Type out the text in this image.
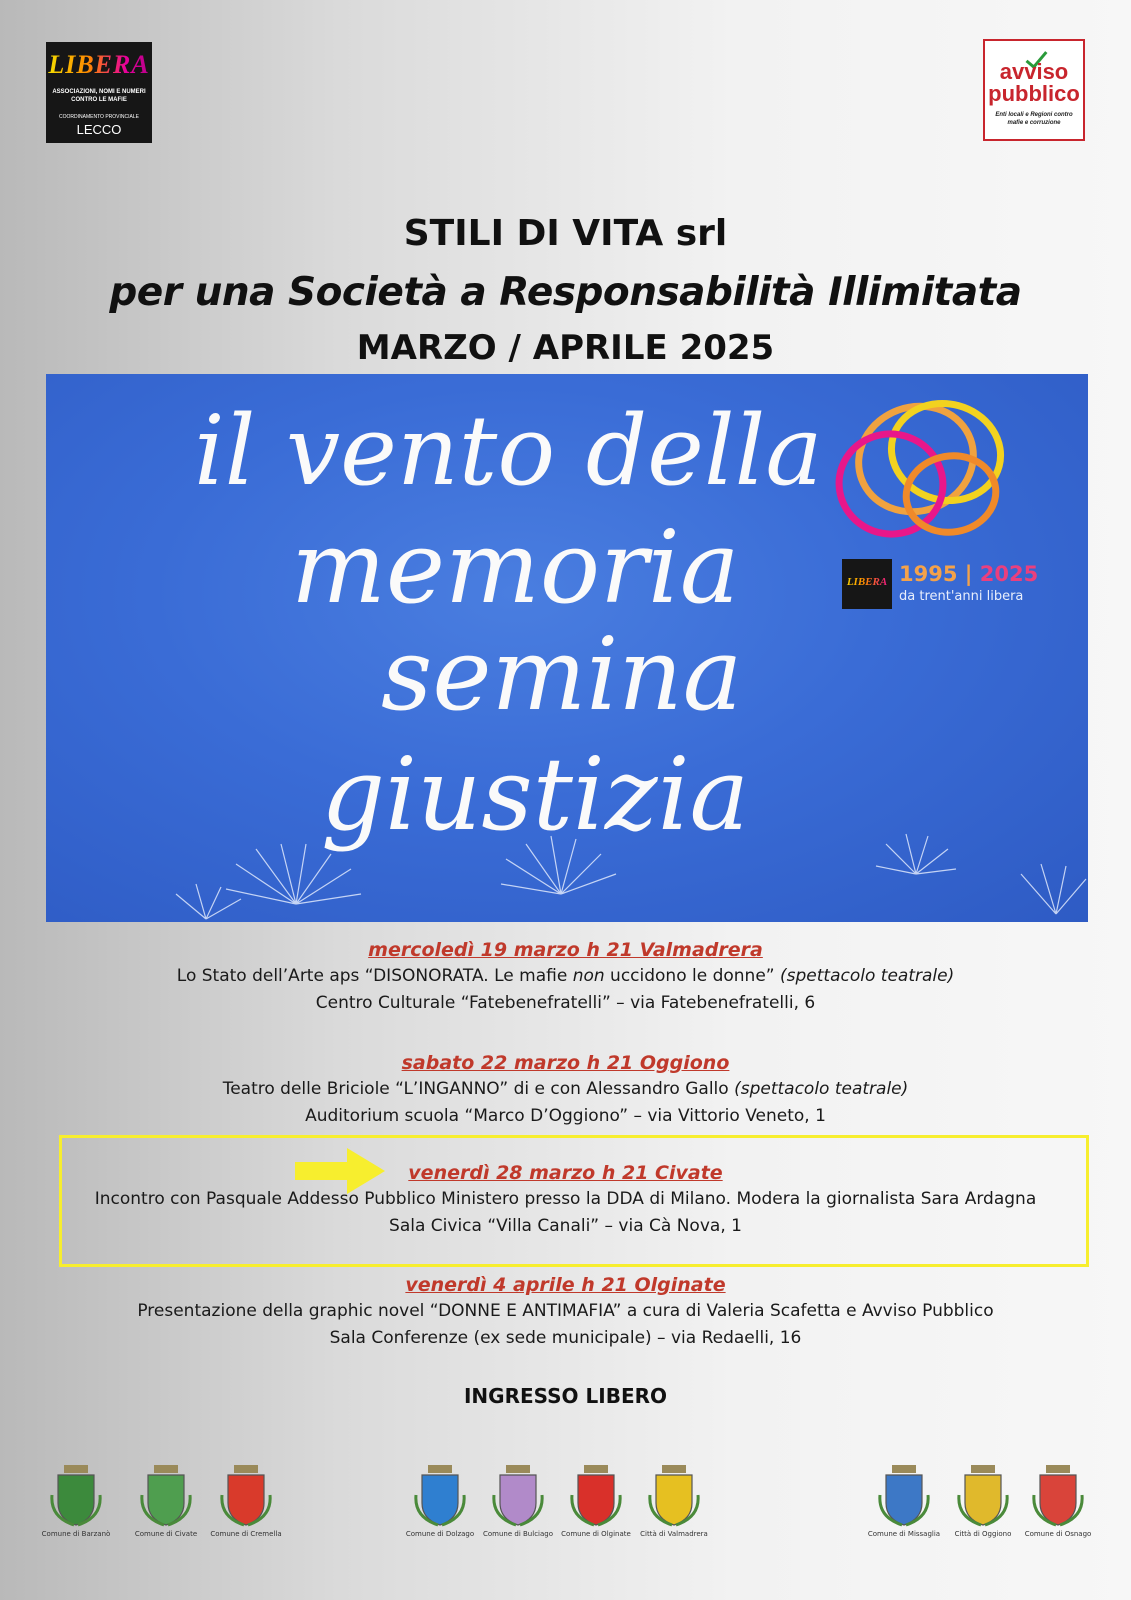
LIBERA
ASSOCIAZIONI, NOMI E NUMERI CONTRO LE MAFIE
COORDINAMENTO PROVINCIALE
LECCO
avviso
pubblico
Enti locali e Regioni contro mafie e corruzione
STILI DI VITA srl
per una Società a Responsabilità Illimitata
MARZO / APRILE 2025
il vento della
memoria
semina
giustizia
LIBERA 1995 | 2025
da trent'anni libera
mercoledì 19 marzo h 21 Valmadrera
Lo Stato dell’Arte aps “DISONORATA. Le mafie non uccidono le donne” (spettacolo teatrale)
Centro Culturale “Fatebenefratelli” – via Fatebenefratelli, 6
sabato 22 marzo h 21 Oggiono
Teatro delle Briciole “L’INGANNO” di e con Alessandro Gallo (spettacolo teatrale)
Auditorium scuola “Marco D’Oggiono” – via Vittorio Veneto, 1
venerdì 28 marzo h 21 Civate
Incontro con Pasquale Addesso Pubblico Ministero presso la DDA di Milano. Modera la giornalista Sara Ardagna
Sala Civica “Villa Canali” – via Cà Nova, 1
venerdì 4 aprile h 21 Olginate
Presentazione della graphic novel “DONNE E ANTIMAFIA” a cura di Valeria Scafetta e Avviso Pubblico
Sala Conferenze (ex sede municipale) – via Redaelli, 16
INGRESSO LIBERO
Comune di Barzanò	Comune di Civate	Comune di Cremella	Comune di Dolzago	Comune di Bulciago	Comune di Olginate	Città di Valmadrera	Comune di Missaglia	Città di Oggiono	Comune di Osnago
